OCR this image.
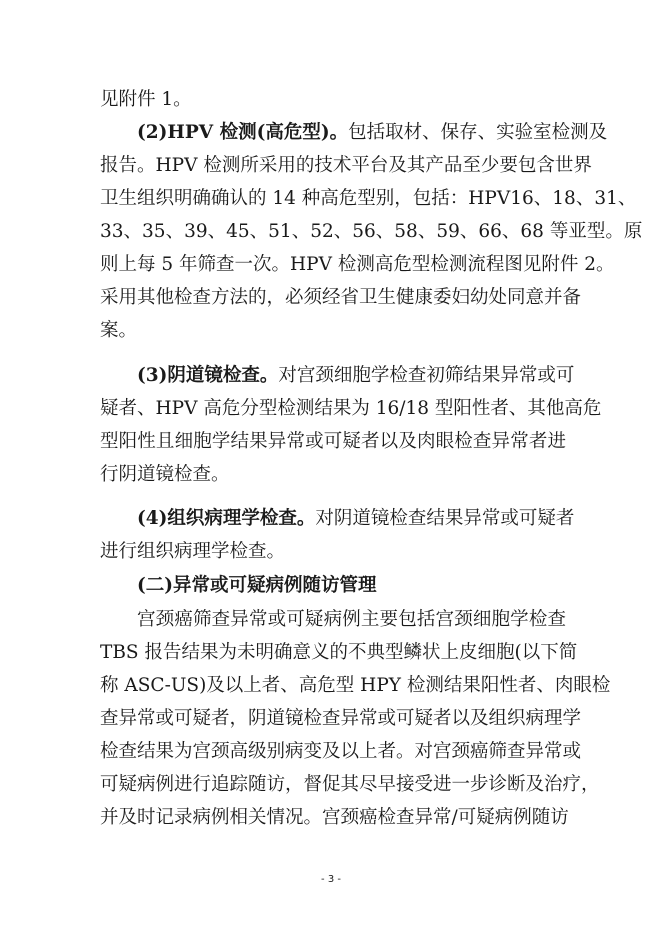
见附件 1。
(2)HPV 检测(高危型)。包括取材、保存、实验室检测及
报告。HPV 检测所采用的技术平台及其产品至少要包含世界
卫生组织明确确认的 14 种高危型别，包括：HPV16、18、31、
33、35、39、45、51、52、56、58、59、66、68 等亚型。原
则上每 5 年筛查一次。HPV 检测高危型检测流程图见附件 2。
采用其他检查方法的，必须经省卫生健康委妇幼处同意并备
案。
(3)阴道镜检查。对宫颈细胞学检查初筛结果异常或可
疑者、HPV 高危分型检测结果为 16/18 型阳性者、其他高危
型阳性且细胞学结果异常或可疑者以及肉眼检查异常者进
行阴道镜检查。
(4)组织病理学检查。对阴道镜检查结果异常或可疑者
进行组织病理学检查。
(二)异常或可疑病例随访管理
宫颈癌筛查异常或可疑病例主要包括宫颈细胞学检查
TBS 报告结果为未明确意义的不典型鳞状上皮细胞(以下简
称 ASC-US)及以上者、高危型 HPY 检测结果阳性者、肉眼检
查异常或可疑者，阴道镜检查异常或可疑者以及组织病理学
检查结果为宫颈高级别病变及以上者。对宫颈癌筛查异常或
可疑病例进行追踪随访，督促其尽早接受进一步诊断及治疗，
并及时记录病例相关情况。宫颈癌检查异常/可疑病例随访
- 3 -
